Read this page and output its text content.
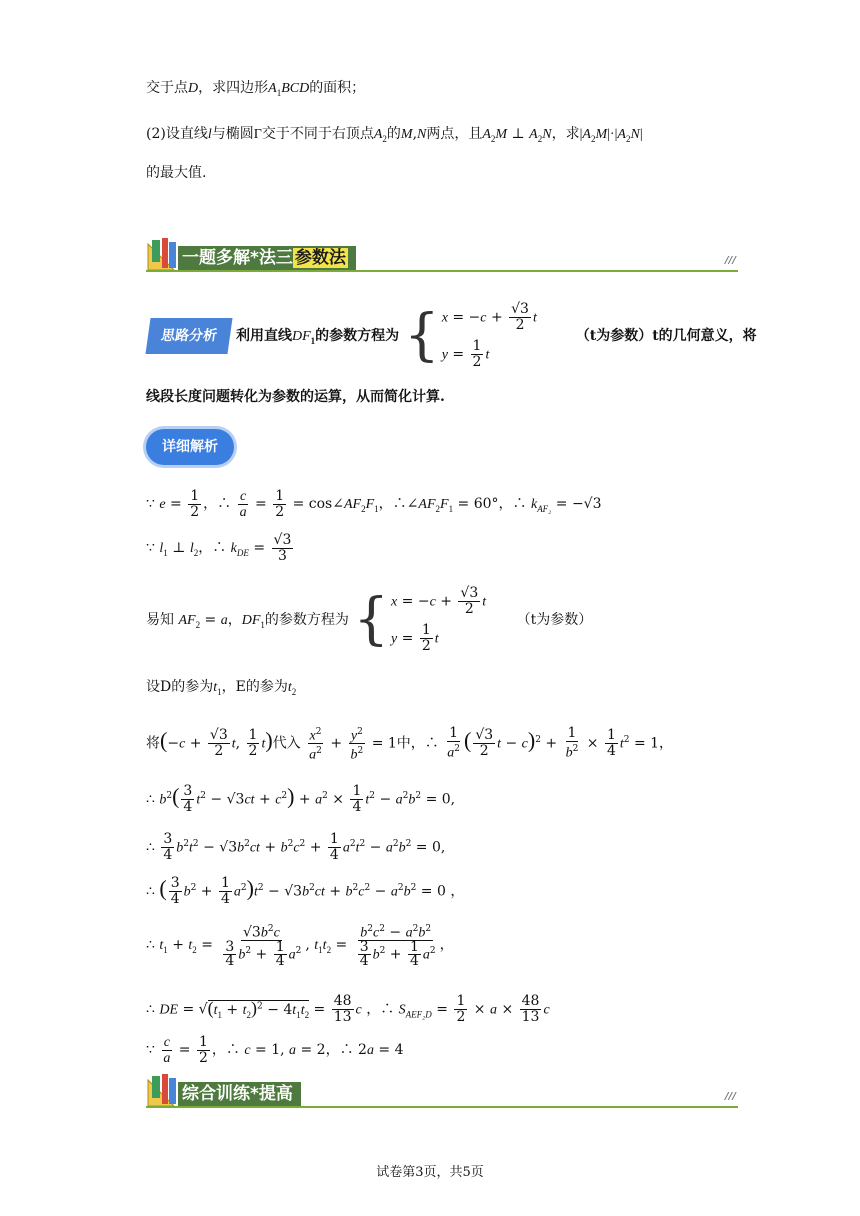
交于点D，求四边形$A_1BCD$的面积；
(2)设直线l与椭圆Γ交于不同于右顶点$A_2$的M,N两点，且$A_2M$ ⊥ $A_2N$，求$|A_2M|\cdot|A_2N|$
的最大值.
一题多解*法三 参数法	///
思路分析	利用直线$DF_1$的参数方程为 { $x = -c + \frac{√3}{2}$ t
$y = \frac{1}{2}$ t
（t为参数）t的几何意义，将
线段长度问题转化为参数的运算，从而简化计算.
详细解析
∵ $e = \frac{1}{2}$ ，∴ $\frac{c}{a} = \frac{1}{2}$ = $\cos\angle AF_2F_1$，$\therefore\angle AF_2F_1 = 60^\circ$，∴ $k_{AF_2} = -√3$
∵ $l_1$ ⊥ $l_2$，∴ $k_{DE} = \frac{√3}{3}$
易知 $AF_2 = a$，$DF_1$的参数方程为 { $x = -c + \frac{√3}{2}$ t
$y = \frac{1}{2}$ t
（t为参数）
设D的参为$t_1$，E的参为$t_2$
将($-c + \frac{√3}{2} t$, $\frac{1}{2} t$)代入 $\frac{x^2}{a^2} + \frac{y^2}{b^2} = 1$中，∴ $\frac{1}{a^2}$ ( $\frac{√3}{2}$ $t - c)^2 + \frac{1}{b^2} \times \frac{1}{4} t^2 = 1$，
∴ $b^2( \frac{3}{4} t^2 - √3ct + c^2) + a^2 \times \frac{1}{4} t^2 - a^2b^2 = 0$,
∴ $\frac{3}{4} b^2t^2 - √3b^2ct + b^2c^2 + \frac{1}{4} a^2t^2 - a^2b^2 = 0$,
∴ ( $\frac{3}{4} b^2 + \frac{1}{4} a^2)t^2 - √3b^2ct + b^2c^2 - a^2b^2 = 0$ ，
∴ $t_1 + t_2 = \frac{√3b^2c}{\frac{3}{4} b^2 + \frac{1}{4} a^2}$ , $t_1t_2 = \frac{b^2c^2 - a^2b^2}{\frac{3}{4} b^2 + \frac{1}{4} a^2}$ ，
∴ DE = $√(t_1 + t_2)^2 - 4t_1t_2 = \frac{48}{13}$ c ，∴ $S_{AEF_2D} = \frac{1}{2} \times a \times \frac{48}{13}$ c
∵ $\frac{c}{a} = \frac{1}{2}$ ，∴ c = 1, a = 2，∴ 2a = 4
综合训练*提高	///
试卷第3页，共5页
